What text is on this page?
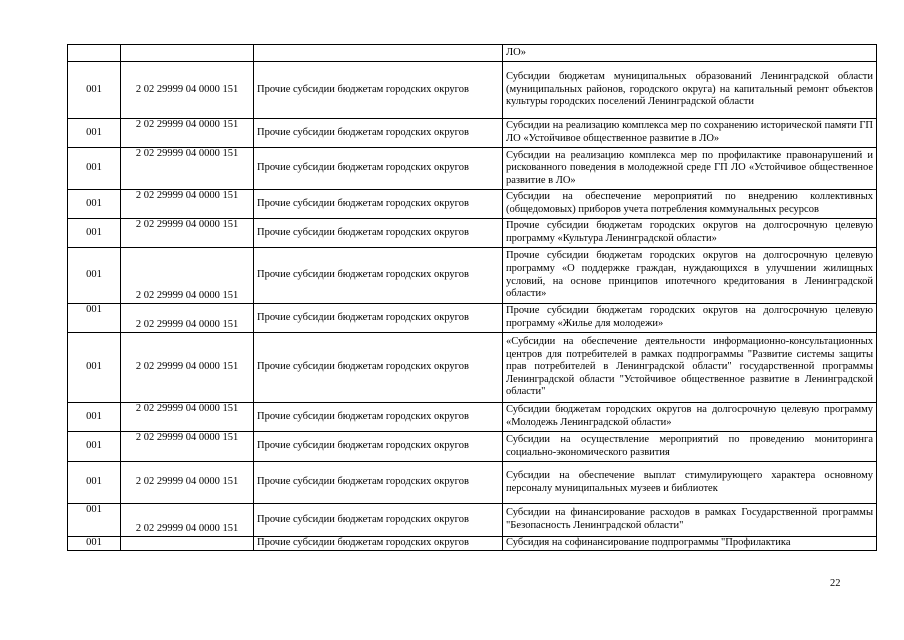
			ЛО»
001	2 02 29999 04 0000 151	Прочие субсидии бюджетам городских округов	Субсидии бюджетам муниципальных образований Ленинградской области (муниципальных районов, городского округа) на капитальный ремонт объектов культуры городских поселений Ленинградской области
001	2 02 29999 04 0000 151	Прочие субсидии бюджетам городских округов	Субсидии на реализацию комплекса мер по сохранению исторической памяти ГП ЛО «Устойчивое общественное развитие в ЛО»
001	2 02 29999 04 0000 151	Прочие субсидии бюджетам городских округов	Субсидии на реализацию комплекса мер по профилактике правонарушений и рискованного поведения в молодежной среде ГП ЛО «Устойчивое общественное развитие в ЛО»
001	2 02 29999 04 0000 151	Прочие субсидии бюджетам городских округов	Субсидии на обеспечение мероприятий по внедрению коллективных (общедомовых) приборов учета потребления коммунальных ресурсов
001	2 02 29999 04 0000 151	Прочие субсидии бюджетам городских округов	Прочие субсидии бюджетам городских округов на долгосрочную целевую программу «Культура Ленинградской области»
001	2 02 29999 04 0000 151	Прочие субсидии бюджетам городских округов	Прочие субсидии бюджетам городских округов на долгосрочную целевую программу «О поддержке граждан, нуждающихся в улучшении жилищных условий, на основе принципов ипотечного кредитования в Ленинградской области»
001	2 02 29999 04 0000 151	Прочие субсидии бюджетам городских округов	Прочие субсидии бюджетам городских округов на долгосрочную целевую программу «Жилье для молодежи»
001	2 02 29999 04 0000 151	Прочие субсидии бюджетам городских округов	«Субсидии на обеспечение деятельности информационно-консультационных центров для потребителей в рамках подпрограммы "Развитие системы защиты прав потребителей в Ленинградской области" государственной программы Ленинградской области "Устойчивое общественное развитие в Ленинградской области"
001	2 02 29999 04 0000 151	Прочие субсидии бюджетам городских округов	Субсидии бюджетам городских округов на долгосрочную целевую программу «Молодежь Ленинградской области»
001	2 02 29999 04 0000 151	Прочие субсидии бюджетам городских округов	Субсидии на осуществление мероприятий по проведению мониторинга социально-экономического развития
001	2 02 29999 04 0000 151	Прочие субсидии бюджетам городских округов	Субсидии на обеспечение выплат стимулирующего характера основному персоналу муниципальных музеев и библиотек
001	2 02 29999 04 0000 151	Прочие субсидии бюджетам городских округов	Субсидии на финансирование расходов в рамках Государственной программы "Безопасность Ленинградской области"
001		Прочие субсидии бюджетам городских округов	Субсидия на софинансирование подпрограммы "Профилактика
22
